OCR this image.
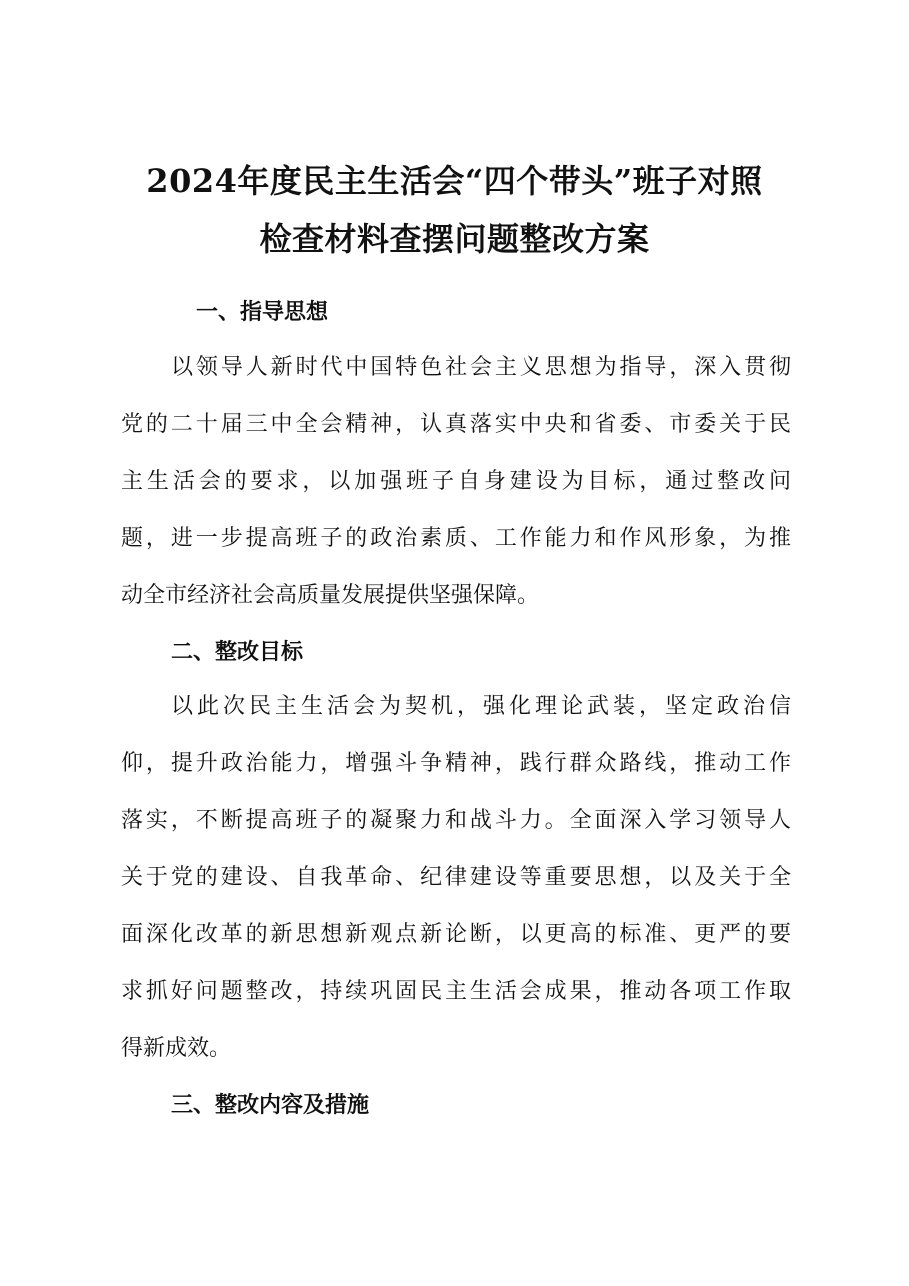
2024年度民主生活会“四个带头”班子对照
检查材料查摆问题整改方案
一、指导思想
以领导人新时代中国特色社会主义思想为指导，深入贯彻
党的二十届三中全会精神，认真落实中央和省委、市委关于民
主生活会的要求，以加强班子自身建设为目标，通过整改问
题，进一步提高班子的政治素质、工作能力和作风形象，为推
动全市经济社会高质量发展提供坚强保障。
二、整改目标
以此次民主生活会为契机，强化理论武装，坚定政治信
仰，提升政治能力，增强斗争精神，践行群众路线，推动工作
落实，不断提高班子的凝聚力和战斗力。全面深入学习领导人
关于党的建设、自我革命、纪律建设等重要思想，以及关于全
面深化改革的新思想新观点新论断，以更高的标准、更严的要
求抓好问题整改，持续巩固民主生活会成果，推动各项工作取
得新成效。
三、整改内容及措施
